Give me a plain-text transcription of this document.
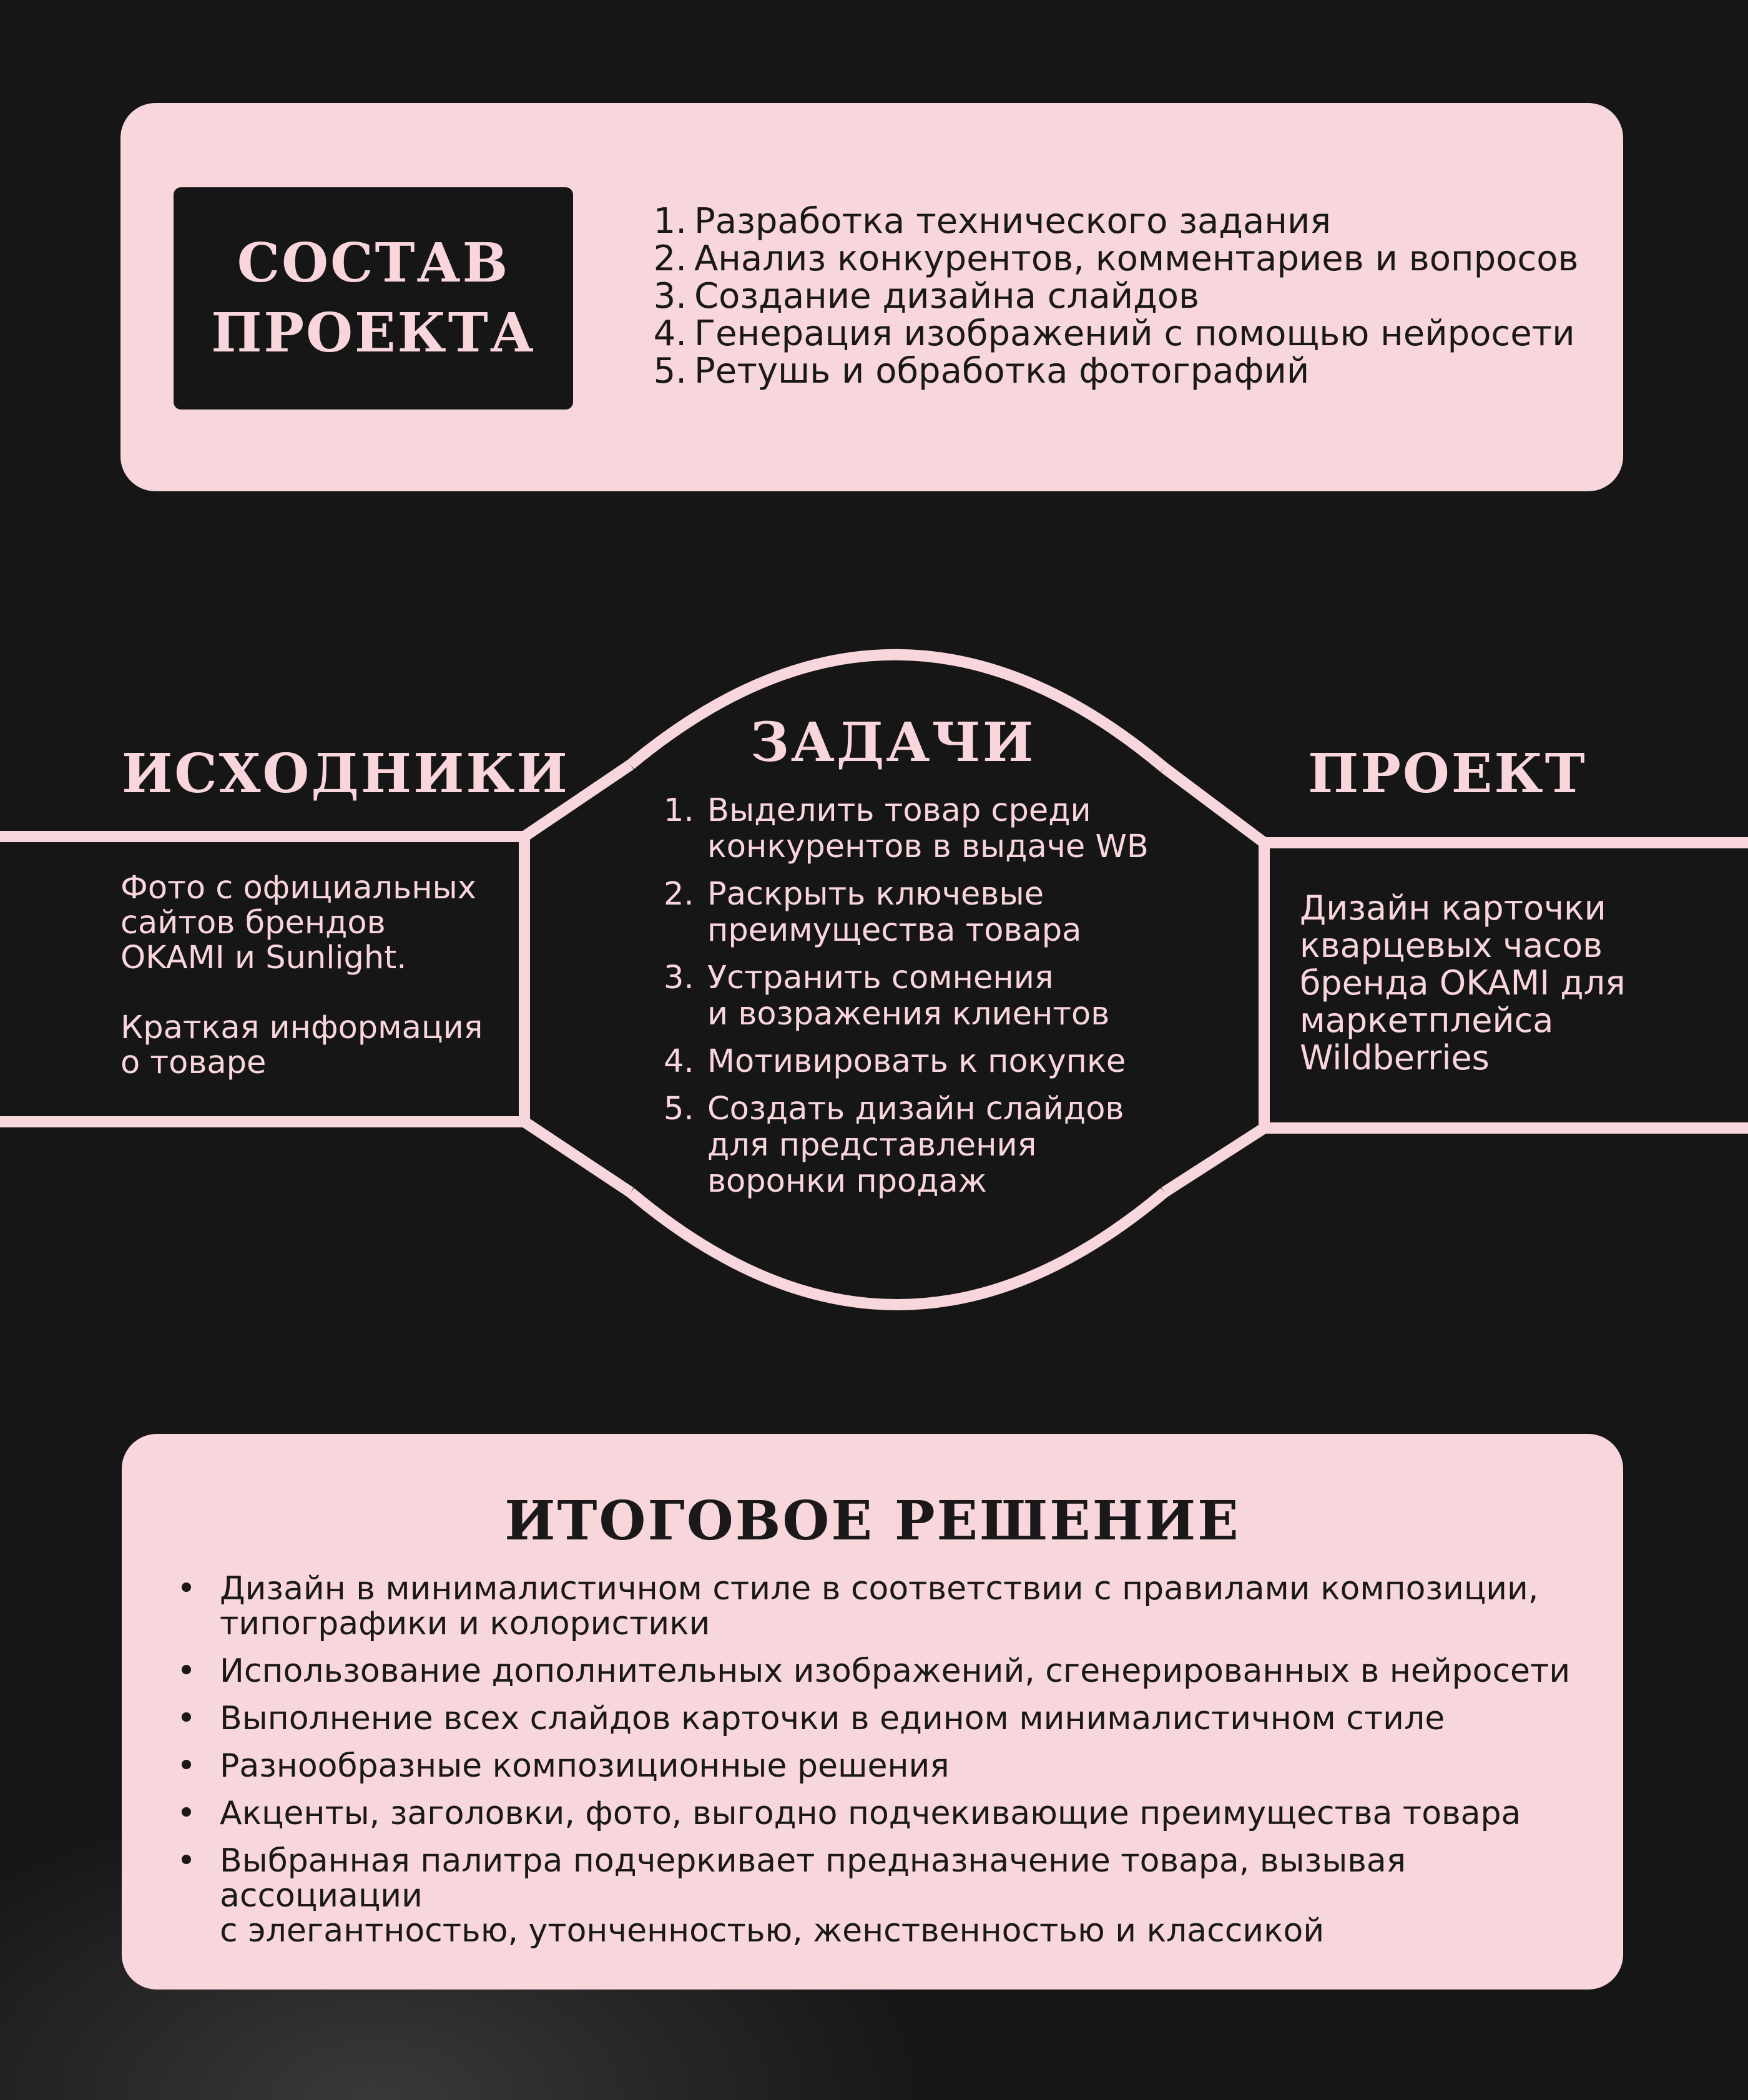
СОСТАВ
ПРОЕКТА
1. Разработка технического задания
2. Анализ конкурентов, комментариев и вопросов
3. Создание дизайна слайдов
4. Генерация изображений с помощью нейросети
5. Ретушь и обработка фотографий
ИСХОДНИКИ
Фото с официальных
сайтов брендов
OKAMI и Sunlight.

Краткая информация
о товаре
ЗАДАЧИ
1. Выделить товар среди
конкурентов в выдаче WB
2. Раскрыть ключевые
преимущества товара
3. Устранить сомнения
и возражения клиентов
4. Мотивировать к покупке
5. Создать дизайн слайдов
для представления
воронки продаж
ПРОЕКТ
Дизайн карточки
кварцевых часов
бренда OKAMI для
маркетплейса
Wildberries
ИТОГОВОЕ РЕШЕНИЕ
• Дизайн в минималистичном стиле в соответствии с правилами композиции,
типографики и колористики
• Использование дополнительных изображений, сгенерированных в нейросети
• Выполнение всех слайдов карточки в едином минималистичном стиле
• Разнообразные композиционные решения
• Акценты, заголовки, фото, выгодно подчекивающие преимущества товара
• Выбранная палитра подчеркивает предназначение товара, вызывая ассоциации
с элегантностью, утонченностью, женственностью и классикой
